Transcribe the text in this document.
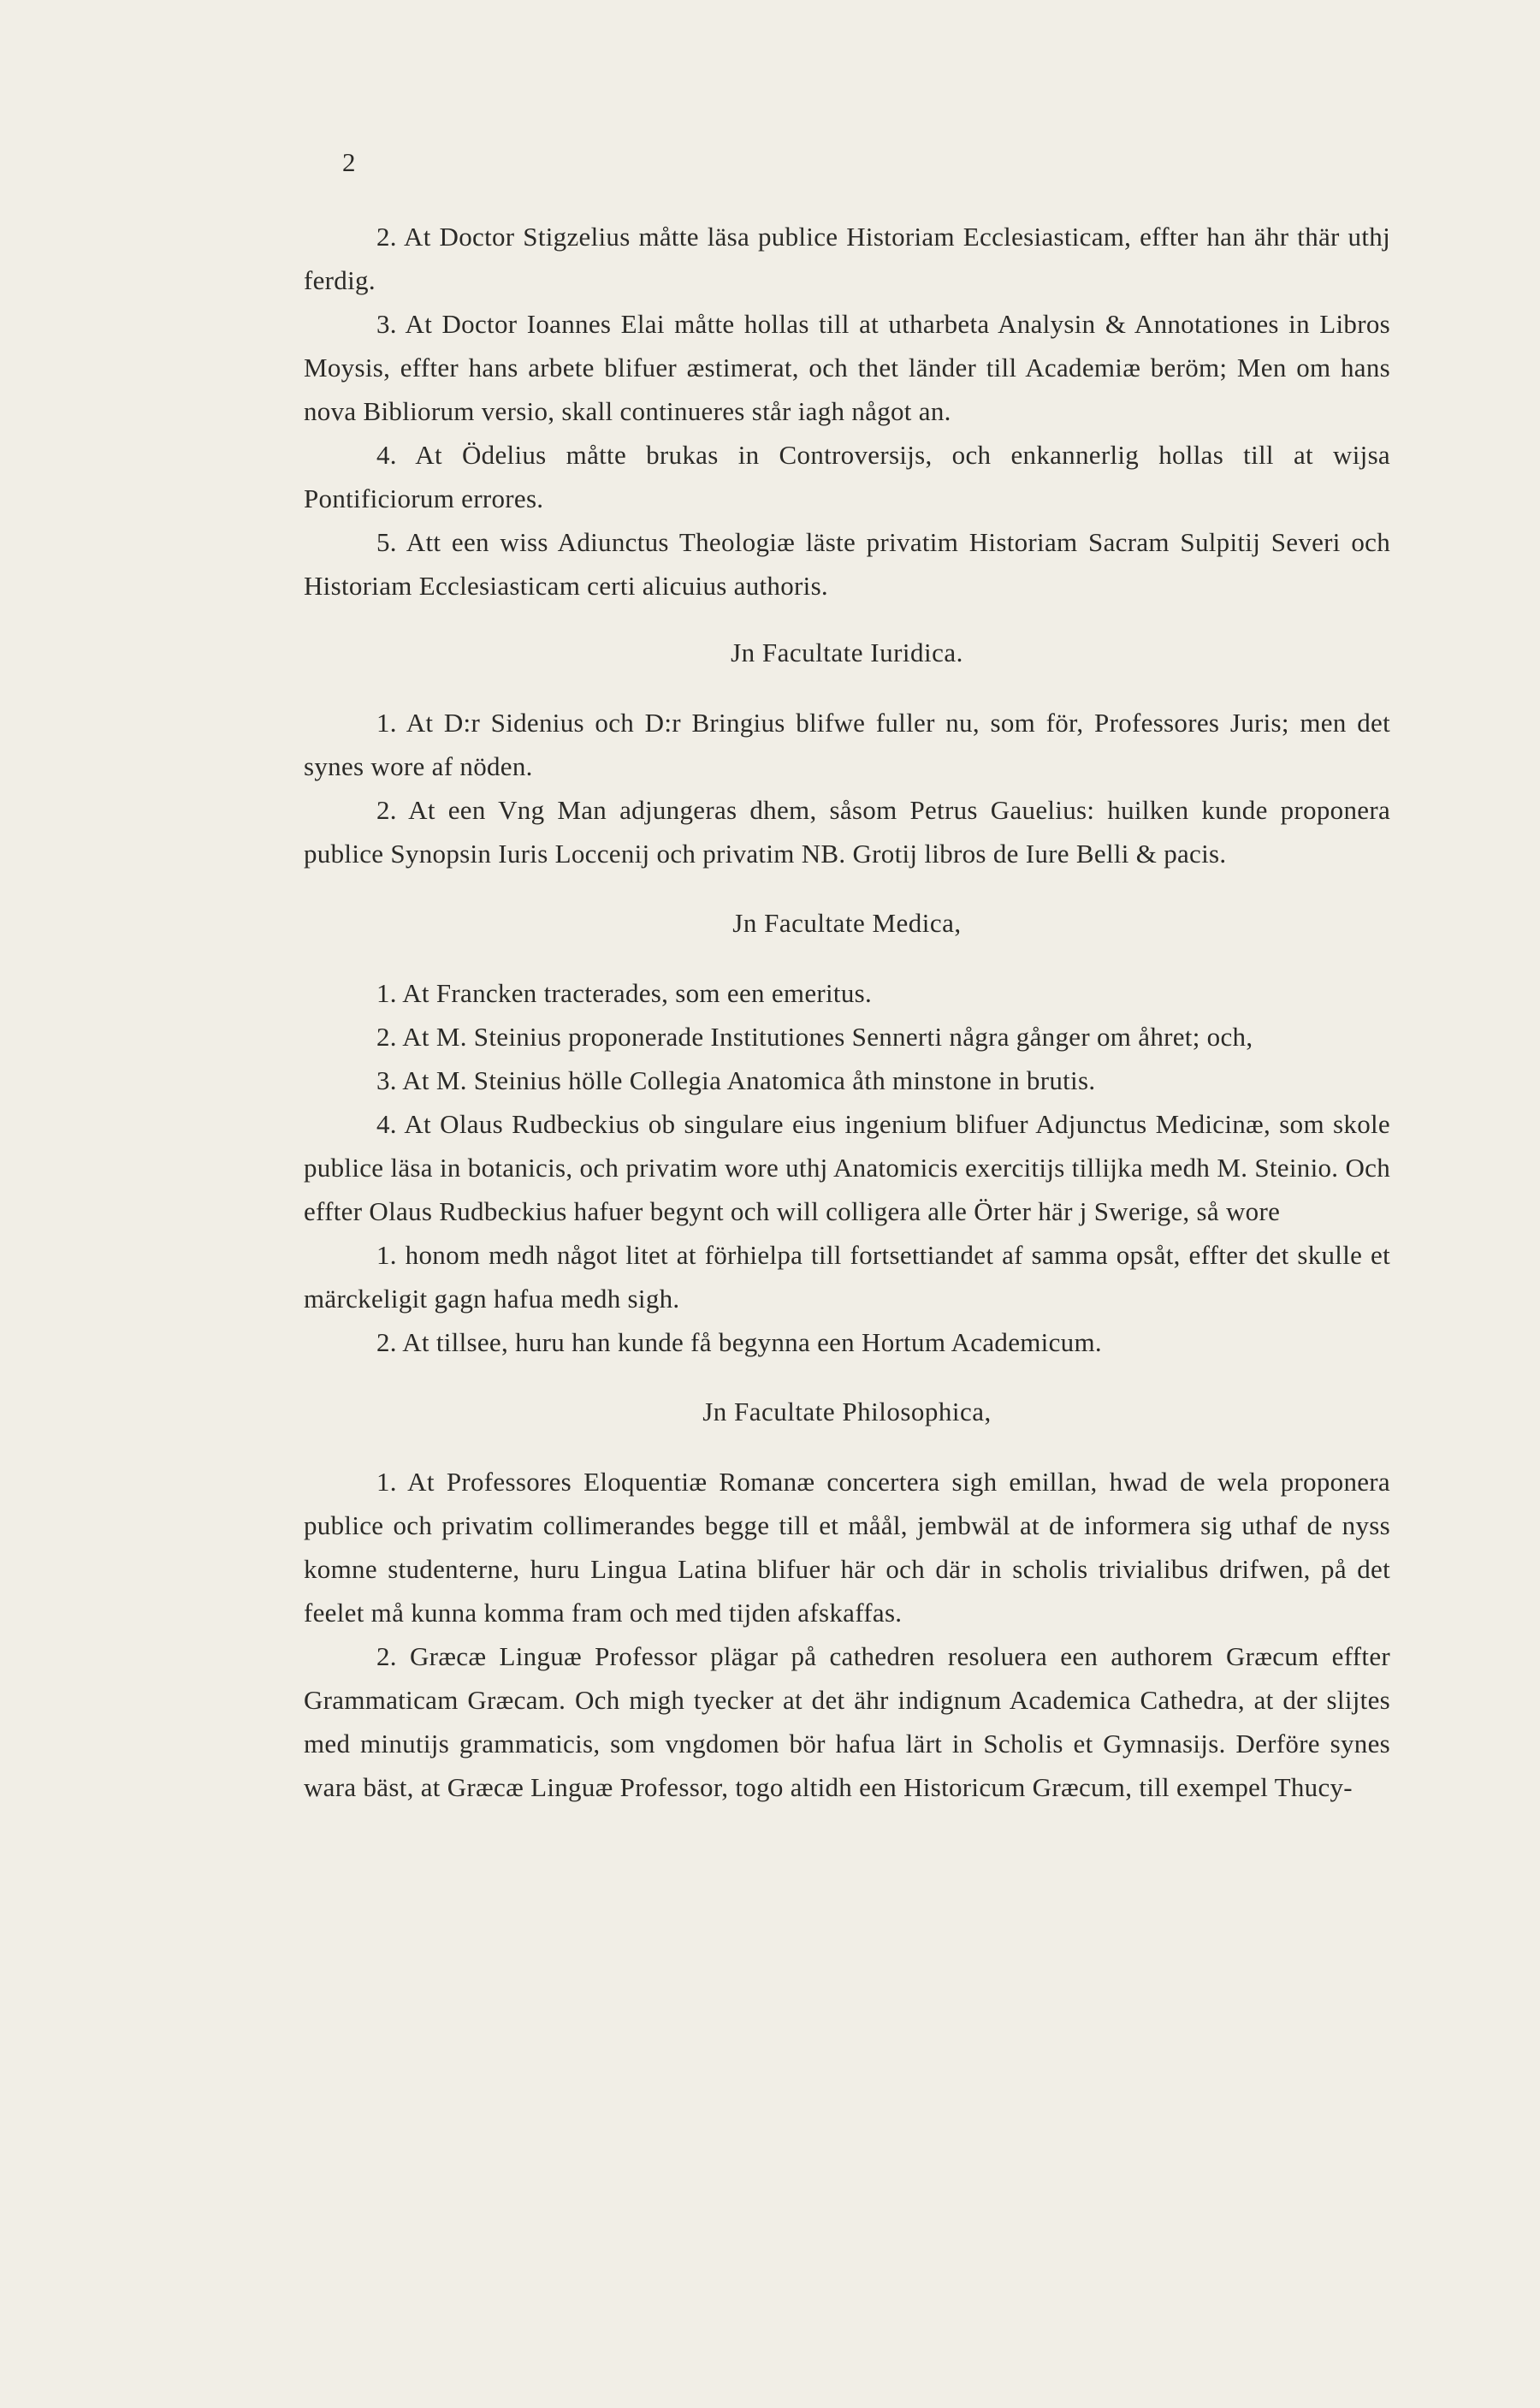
2

2. At Doctor Stigzelius måtte läsa publice Historiam Ecclesiasticam, effter han ähr thär uthj ferdig.

3. At Doctor Ioannes Elai måtte hollas till at utharbeta Analysin & Annotationes in Libros Moysis, effter hans arbete blifuer æstimerat, och thet länder till Academiæ beröm; Men om hans nova Bibliorum versio, skall continueres står iagh något an.

4. At Ödelius måtte brukas in Controversijs, och enkannerlig hollas till at wijsa Pontificiorum errores.

5. Att een wiss Adiunctus Theologiæ läste privatim Historiam Sacram Sulpitij Severi och Historiam Ecclesiasticam certi alicuius authoris.

Jn Facultate Iuridica.

1. At D:r Sidenius och D:r Bringius blifwe fuller nu, som för, Professores Juris; men det synes wore af nöden.

2. At een Vng Man adjungeras dhem, såsom Petrus Gauelius: huilken kunde proponera publice Synopsin Iuris Loccenij och privatim NB. Grotij libros de Iure Belli & pacis.

Jn Facultate Medica,

1. At Francken tracterades, som een emeritus.

2. At M. Steinius proponerade Institutiones Sennerti några gånger om åhret; och,

3. At M. Steinius hölle Collegia Anatomica åth minstone in brutis.

4. At Olaus Rudbeckius ob singulare eius ingenium blifuer Adjunctus Medicinæ, som skole publice läsa in botanicis, och privatim wore uthj Anatomicis exercitijs tillijka medh M. Steinio. Och effter Olaus Rudbeckius hafuer begynt och will colligera alle Örter här j Swerige, så wore

1. honom medh något litet at förhielpa till fortsettiandet af samma opsåt, effter det skulle et märckeligit gagn hafua medh sigh.

2. At tillsee, huru han kunde få begynna een Hortum Academicum.

Jn Facultate Philosophica,

1. At Professores Eloquentiæ Romanæ concertera sigh emillan, hwad de wela proponera publice och privatim collimerandes begge till et måål, jembwäl at de informera sig uthaf de nyss komne studenterne, huru Lingua Latina blifuer här och där in scholis trivialibus drifwen, på det feelet må kunna komma fram och med tijden afskaffas.

2. Græcæ Linguæ Professor plägar på cathedren resoluera een authorem Græcum effter Grammaticam Græcam. Och migh tyecker at det ähr indignum Academica Cathedra, at der slijtes med minutijs grammaticis, som vngdomen bör hafua lärt in Scholis et Gymnasijs. Derföre synes wara bäst, at Græcæ Linguæ Professor, togo altidh een Historicum Græcum, till exempel Thucy-
